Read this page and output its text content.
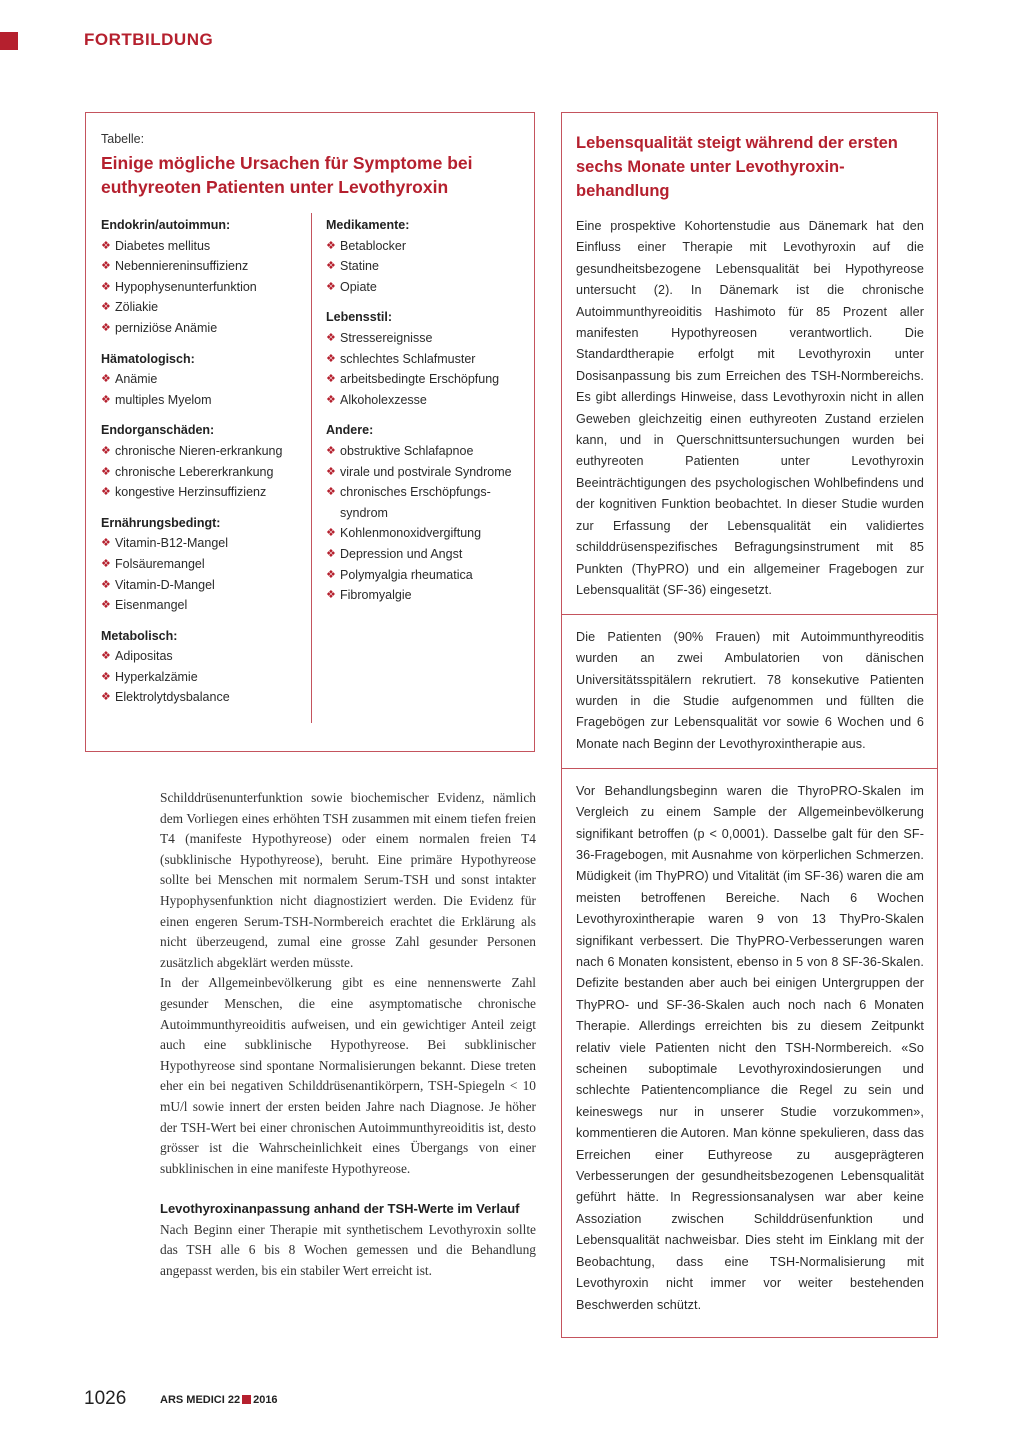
FORTBILDUNG
Tabelle:
Einige mögliche Ursachen für Symptome bei euthyreoten Patienten unter Levothyroxin
Endokrin/autoimmun:
❖ Diabetes mellitus
❖ Nebenniereninsuffizienz
❖ Hypophysenunterfunktion
❖ Zöliakie
❖ perniziöse Anämie
Hämatologisch:
❖ Anämie
❖ multiples Myelom
Endorganschäden:
❖ chronische Nieren-erkrankung
❖ chronische Lebererkrankung
❖ kongestive Herzinsuffizienz
Ernährungsbedingt:
❖ Vitamin-B12-Mangel
❖ Folsäuremangel
❖ Vitamin-D-Mangel
❖ Eisenmangel
Metabolisch:
❖ Adipositas
❖ Hyperkalzämie
❖ Elektrolytdysbalance
Medikamente:
❖ Betablocker
❖ Statine
❖ Opiate
Lebensstil:
❖ Stressereignisse
❖ schlechtes Schlafmuster
❖ arbeitsbedingte Erschöpfung
❖ Alkoholexzesse
Andere:
❖ obstruktive Schlafapnoe
❖ virale und postvirale Syndrome
❖ chronisches Erschöpfungs-syndrom
❖ Kohlenmonoxidvergiftung
❖ Depression und Angst
❖ Polymyalgia rheumatica
❖ Fibromyalgie

Schilddrüsenunterfunktion sowie biochemischer Evidenz, nämlich dem Vorliegen eines erhöhten TSH zusammen mit einem tiefen freien T4 (manifeste Hypothyreose) oder einem normalen freien T4 (subklinische Hypothyreose), beruht. Eine primäre Hypothyreose sollte bei Menschen mit normalem Serum-TSH und sonst intakter Hypophysenfunktion nicht diagnostiziert werden. Die Evidenz für einen engeren Serum-TSH-Normbereich erachtet die Erklärung als nicht überzeugend, zumal eine grosse Zahl gesunder Personen zusätzlich abgeklärt werden müsste.

In der Allgemeinbevölkerung gibt es eine nennenswerte Zahl gesunder Menschen, die eine asymptomatische chronische Autoimmunthyreoiditis aufweisen, und ein gewichtiger Anteil zeigt auch eine subklinische Hypothyreose. Bei subklinischer Hypothyreose sind spontane Normalisierungen bekannt. Diese treten eher ein bei negativen Schilddrüsenantikörpern, TSH-Spiegeln < 10 mU/l sowie innert der ersten beiden Jahre nach Diagnose. Je höher der TSH-Wert bei einer chronischen Autoimmunthyreoiditis ist, desto grösser ist die Wahrscheinlichkeit eines Übergangs von einer subklinischen in eine manifeste Hypothyreose.

Levothyroxinanpassung anhand der TSH-Werte im Verlauf

Nach Beginn einer Therapie mit synthetischem Levothyroxin sollte das TSH alle 6 bis 8 Wochen gemessen und die Behandlung angepasst werden, bis ein stabiler Wert erreicht ist.

Lebensqualität steigt während der ersten sechs Monate unter Levothyroxin-behandlung

Eine prospektive Kohortenstudie aus Dänemark hat den Einfluss einer Therapie mit Levothyroxin auf die gesundheitsbezogene Lebensqualität bei Hypothyreose untersucht (2). In Dänemark ist die chronische Autoimmunthyreoiditis Hashimoto für 85 Prozent aller manifesten Hypothyreosen verantwortlich. Die Standardtherapie erfolgt mit Levothyroxin unter Dosisanpassung bis zum Erreichen des TSH-Normbereichs. Es gibt allerdings Hinweise, dass Levothyroxin nicht in allen Geweben gleichzeitig einen euthyreoten Zustand erzielen kann, und in Querschnittsuntersuchungen wurden bei euthyreoten Patienten unter Levothyroxin Beeinträchtigungen des psychologischen Wohlbefindens und der kognitiven Funktion beobachtet. In dieser Studie wurden zur Erfassung der Lebensqualität ein validiertes schilddrüsenspezifisches Befragungsinstrument mit 85 Punkten (ThyPRO) und ein allgemeiner Fragebogen zur Lebensqualität (SF-36) eingesetzt.

Die Patienten (90% Frauen) mit Autoimmunthyreoditis wurden an zwei Ambulatorien von dänischen Universitätsspitälern rekrutiert. 78 konsekutive Patienten wurden in die Studie aufgenommen und füllten die Fragebögen zur Lebensqualität vor sowie 6 Wochen und 6 Monate nach Beginn der Levothyroxintherapie aus.

Vor Behandlungsbeginn waren die ThyroPRO-Skalen im Vergleich zu einem Sample der Allgemeinbevölkerung signifikant betroffen (p < 0,0001). Dasselbe galt für den SF-36-Fragebogen, mit Ausnahme von körperlichen Schmerzen. Müdigkeit (im ThyPRO) und Vitalität (im SF-36) waren die am meisten betroffenen Bereiche. Nach 6 Wochen Levothyroxintherapie waren 9 von 13 ThyPro-Skalen signifikant verbessert. Die ThyPRO-Verbesserungen waren nach 6 Monaten konsistent, ebenso in 5 von 8 SF-36-Skalen. Defizite bestanden aber auch bei einigen Untergruppen der ThyPRO- und SF-36-Skalen auch noch nach 6 Monaten Therapie. Allerdings erreichten bis zu diesem Zeitpunkt relativ viele Patienten nicht den TSH-Normbereich. «So scheinen suboptimale Levothyroxindosierungen und schlechte Patientencompliance die Regel zu sein und keineswegs nur in unserer Studie vorzukommen», kommentieren die Autoren. Man könne spekulieren, dass das Erreichen einer Euthyreose zu ausgeprägteren Verbesserungen der gesundheitsbezogenen Lebensqualität geführt hätte. In Regressionsanalysen war aber keine Assoziation zwischen Schilddrüsenfunktion und Lebensqualität nachweisbar. Dies steht im Einklang mit der Beobachtung, dass eine TSH-Normalisierung mit Levothyroxin nicht immer vor weiter bestehenden Beschwerden schützt.

1026	ARS MEDICI 22 2016
